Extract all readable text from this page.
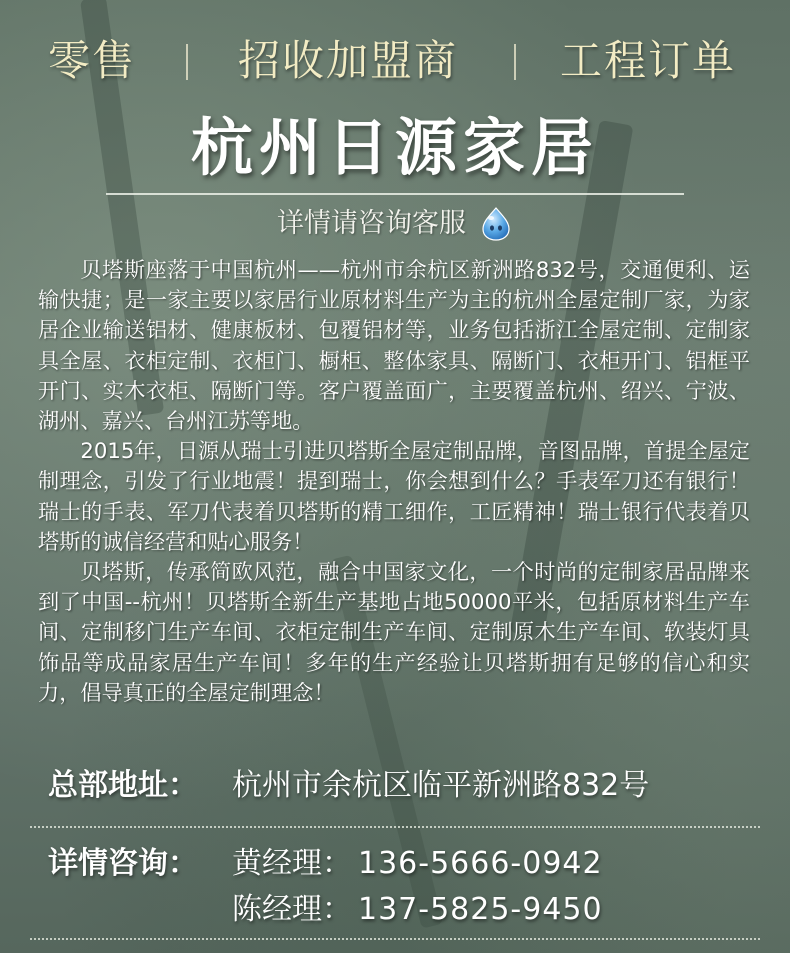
零售 招收加盟商 工程订单
杭州日源家居
详情请咨询客服

贝塔斯座落于中国杭州——杭州市余杭区新洲路832号，交通便利、运输快捷；是一家主要以家居行业原材料生产为主的杭州全屋定制厂家，为家居企业输送铝材、健康板材、包覆铝材等，业务包括浙江全屋定制、定制家具全屋、衣柜定制、衣柜门、橱柜、整体家具、隔断门、衣柜开门、铝框平开门、实木衣柜、隔断门等。客户覆盖面广，主要覆盖杭州、绍兴、宁波、湖州、嘉兴、台州江苏等地。

2015年，日源从瑞士引进贝塔斯全屋定制品牌，音图品牌，首提全屋定制理念，引发了行业地震！提到瑞士，你会想到什么？手表军刀还有银行！瑞士的手表、军刀代表着贝塔斯的精工细作，工匠精神！瑞士银行代表着贝塔斯的诚信经营和贴心服务！

贝塔斯，传承简欧风范，融合中国家文化，一个时尚的定制家居品牌来到了中国--杭州！贝塔斯全新生产基地占地50000平米，包括原材料生产车间、定制移门生产车间、衣柜定制生产车间、定制原木生产车间、软装灯具饰品等成品家居生产车间！多年的生产经验让贝塔斯拥有足够的信心和实力，倡导真正的全屋定制理念！

总部地址： 杭州市余杭区临平新洲路832号
详情咨询： 黄经理： 136-5666-0942
陈经理： 137-5825-9450
